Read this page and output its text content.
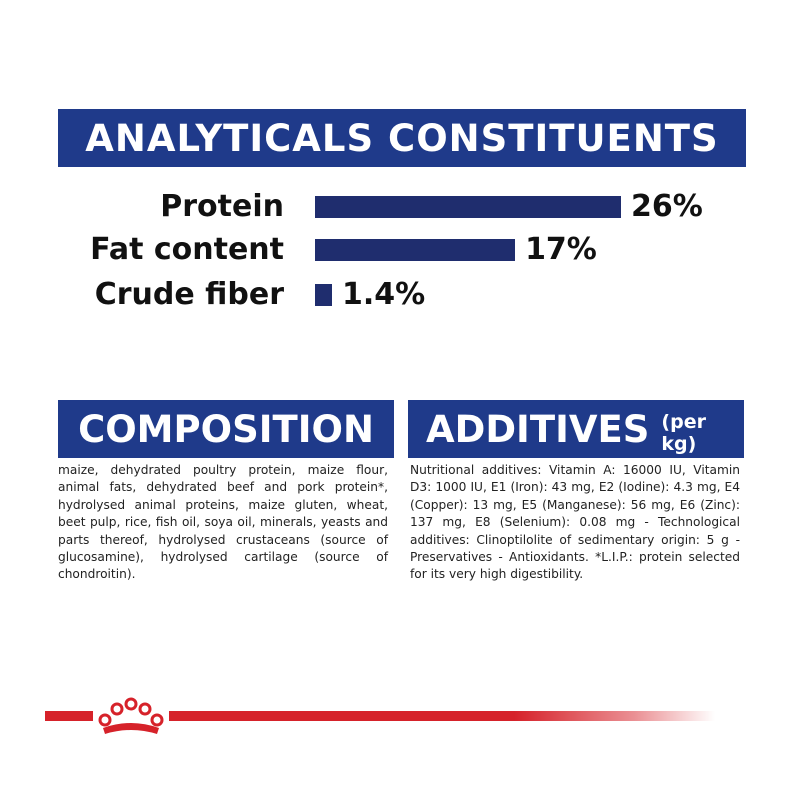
ANALYTICALS CONSTITUENTS
Protein	26%
Fat content	17%
Crude fiber 1.4%
COMPOSITION ADDITIVES (per kg)
maize, dehydrated poultry protein, maize flour, animal fats, dehydrated beef and pork protein*, hydrolysed animal proteins, maize gluten, wheat, beet pulp, rice, fish oil, soya oil, minerals, yeasts and parts thereof, hydrolysed crustaceans (source of glucosamine), hydrolysed cartilage (source of chondroitin).
Nutritional additives: Vitamin A: 16000 IU, Vitamin D3: 1000 IU, E1 (Iron): 43 mg, E2 (Iodine): 4.3 mg, E4 (Copper): 13 mg, E5 (Manganese): 56 mg, E6 (Zinc): 137 mg, E8 (Selenium): 0.08 mg - Technological additives: Clinoptilolite of sedimentary origin: 5 g - Preservatives - Antioxidants. *L.I.P.: protein selected for its very high digestibility.
